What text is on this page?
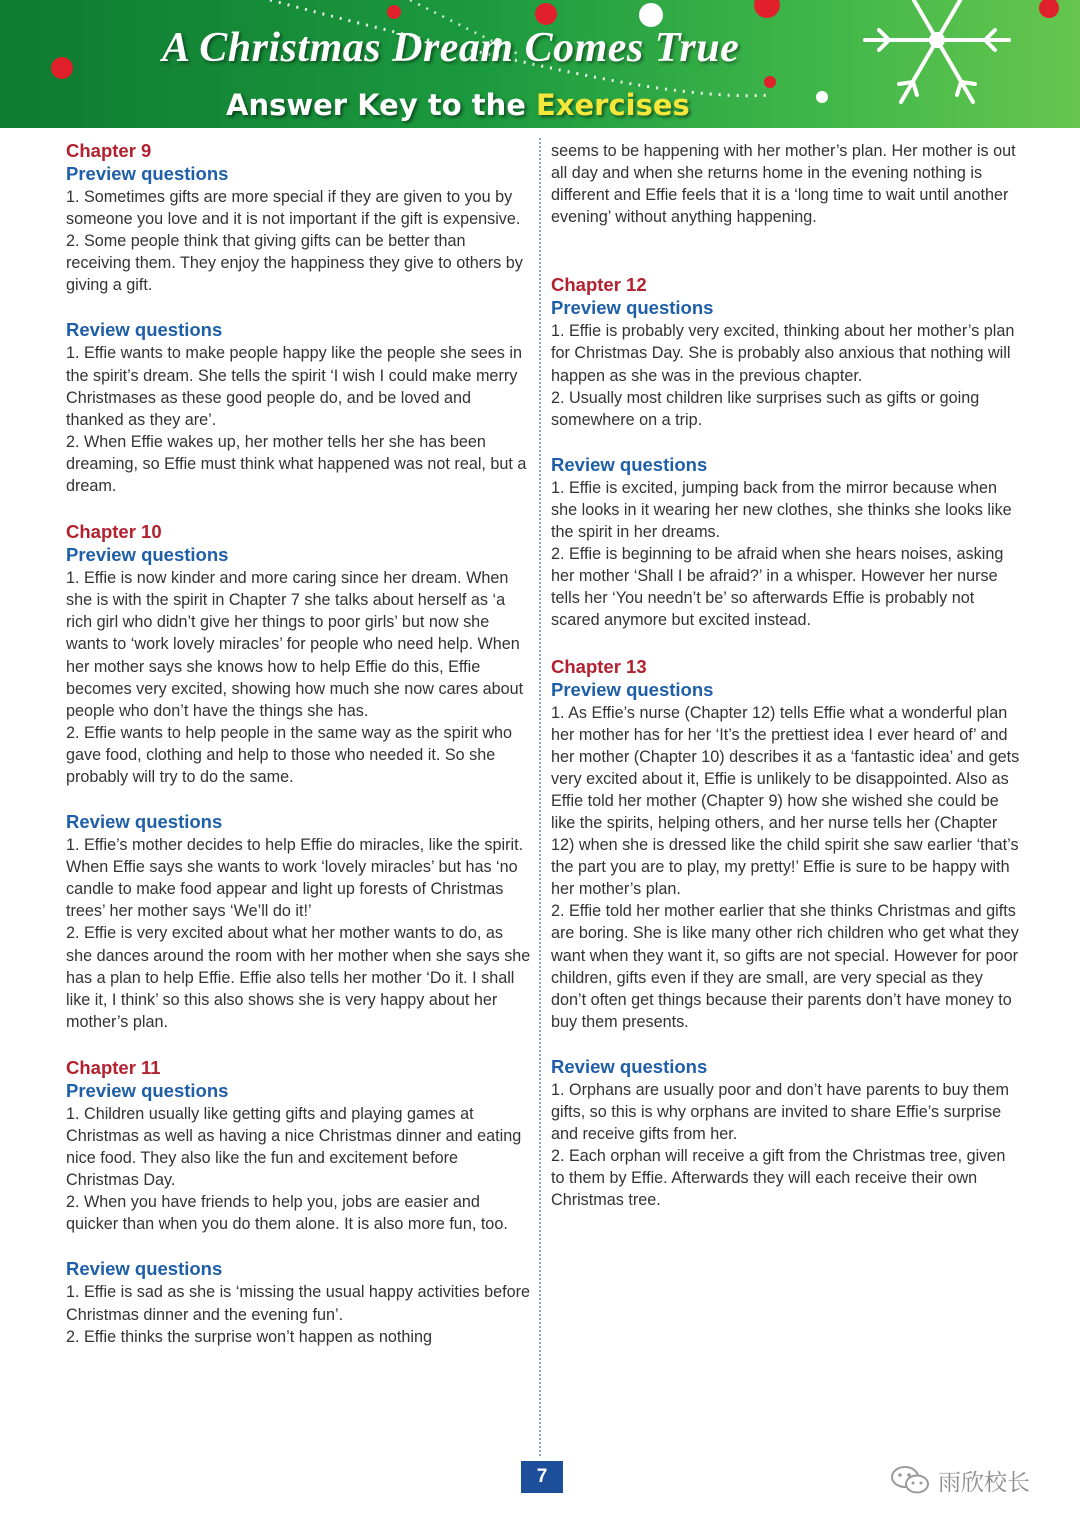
A Christmas Dream Comes True
Answer Key to the Exercises

Chapter 9

Preview questions

1. Sometimes gifts are more special if they are given to you by someone you love and it is not important if the gift is expensive.

2. Some people think that giving gifts can be better than receiving them. They enjoy the happiness they give to others by giving a gift.

Review questions

1. Effie wants to make people happy like the people she sees in the spirit’s dream. She tells the spirit ‘I wish I could make merry Christmases as these good people do, and be loved and thanked as they are’.

2. When Effie wakes up, her mother tells her she has been dreaming, so Effie must think what happened was not real, but a dream.

Chapter 10

Preview questions

1. Effie is now kinder and more caring since her dream. When she is with the spirit in Chapter 7 she talks about herself as ‘a rich girl who didn’t give her things to poor girls’ but now she wants to ‘work lovely miracles’ for people who need help. When her mother says she knows how to help Effie do this, Effie becomes very excited, showing how much she now cares about people who don’t have the things she has.

2. Effie wants to help people in the same way as the spirit who gave food, clothing and help to those who needed it. So she probably will try to do the same.

Review questions

1. Effie’s mother decides to help Effie do miracles, like the spirit. When Effie says she wants to work ‘lovely miracles’ but has ‘no candle to make food appear and light up forests of Christmas trees’ her mother says ‘We’ll do it!’

2. Effie is very excited about what her mother wants to do, as she dances around the room with her mother when she says she has a plan to help Effie. Effie also tells her mother ‘Do it. I shall like it, I think’ so this also shows she is very happy about her mother’s plan.

Chapter 11

Preview questions

1. Children usually like getting gifts and playing games at Christmas as well as having a nice Christmas dinner and eating nice food. They also like the fun and excitement before Christmas Day.

2. When you have friends to help you, jobs are easier and quicker than when you do them alone. It is also more fun, too.

Review questions

1. Effie is sad as she is ‘missing the usual happy activities before Christmas dinner and the evening fun’.

2. Effie thinks the surprise won’t happen as nothing

seems to be happening with her mother’s plan. Her mother is out all day and when she returns home in the evening nothing is different and Effie feels that it is a ‘long time to wait until another evening’ without anything happening.

Chapter 12

Preview questions

1. Effie is probably very excited, thinking about her mother’s plan for Christmas Day. She is probably also anxious that nothing will happen as she was in the previous chapter.

2. Usually most children like surprises such as gifts or going somewhere on a trip.

Review questions

1. Effie is excited, jumping back from the mirror because when she looks in it wearing her new clothes, she thinks she looks like the spirit in her dreams.

2. Effie is beginning to be afraid when she hears noises, asking her mother ‘Shall I be afraid?’ in a whisper. However her nurse tells her ‘You needn’t be’ so afterwards Effie is probably not scared anymore but excited instead.

Chapter 13

Preview questions

1. As Effie’s nurse (Chapter 12) tells Effie what a wonderful plan her mother has for her ‘It’s the prettiest idea I ever heard of’ and her mother (Chapter 10) describes it as a ‘fantastic idea’ and gets very excited about it, Effie is unlikely to be disappointed. Also as Effie told her mother (Chapter 9) how she wished she could be like the spirits, helping others, and her nurse tells her (Chapter 12) when she is dressed like the child spirit she saw earlier ‘that’s the part you are to play, my pretty!’ Effie is sure to be happy with her mother’s plan.

2. Effie told her mother earlier that she thinks Christmas and gifts are boring. She is like many other rich children who get what they want when they want it, so gifts are not special. However for poor children, gifts even if they are small, are very special as they don’t often get things because their parents don’t have money to buy them presents.

Review questions

1. Orphans are usually poor and don’t have parents to buy them gifts, so this is why orphans are invited to share Effie’s surprise and receive gifts from her.

2. Each orphan will receive a gift from the Christmas tree, given to them by Effie. Afterwards they will each receive their own Christmas tree.

7	雨欣校长
